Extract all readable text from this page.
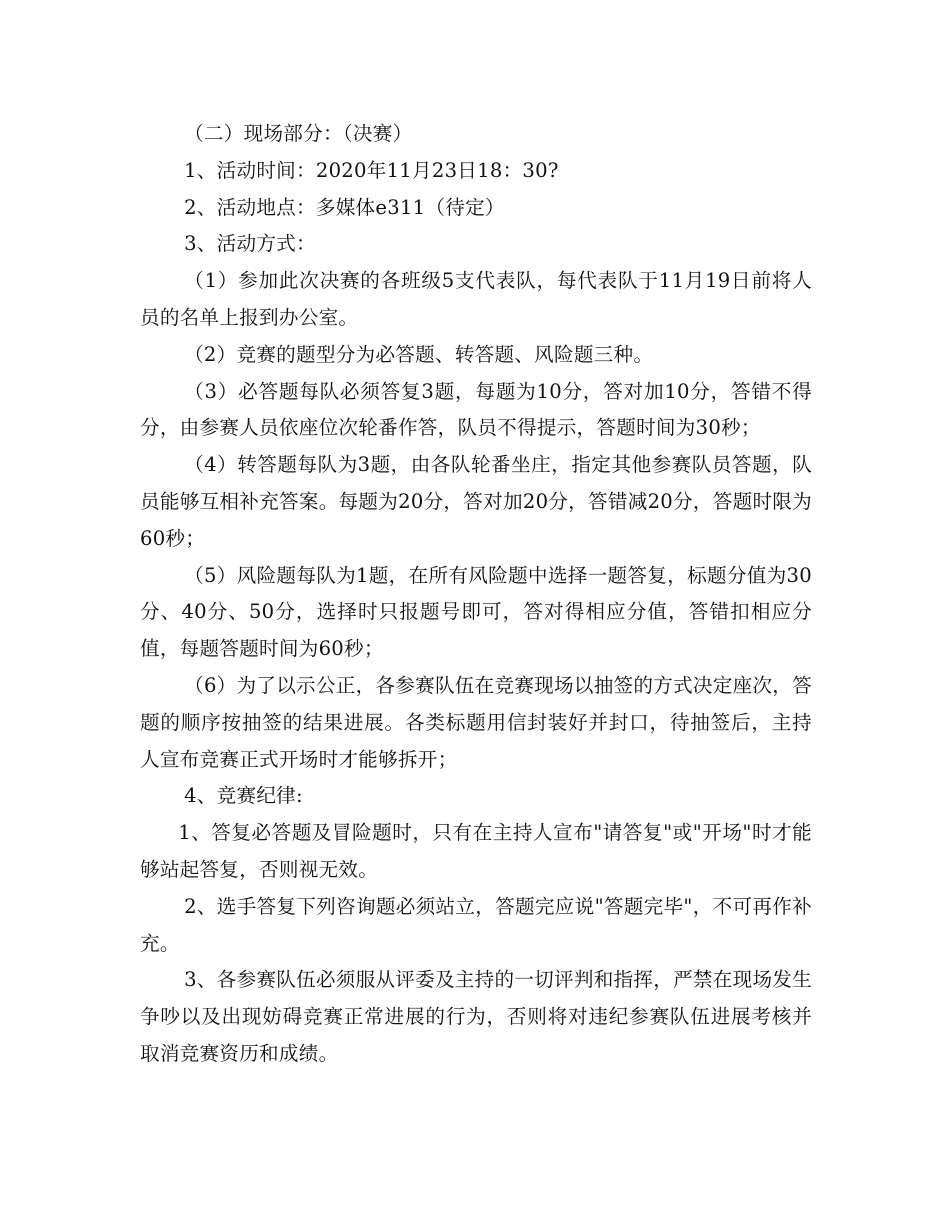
（二）现场部分：（决赛）

1、活动时间：2020年11月23日18：30?

2、活动地点：多媒体e311（待定）

3、活动方式：

（1）参加此次决赛的各班级5支代表队，每代表队于11月19日前将人员的名单上报到办公室。

（2）竞赛的题型分为必答题、转答题、风险题三种。

（3）必答题每队必须答复3题，每题为10分，答对加10分，答错不得分，由参赛人员依座位次轮番作答，队员不得提示，答题时间为30秒；

（4）转答题每队为3题，由各队轮番坐庄，指定其他参赛队员答题，队员能够互相补充答案。每题为20分，答对加20分，答错减20分，答题时限为60秒；

（5）风险题每队为1题，在所有风险题中选择一题答复，标题分值为30分、40分、50分，选择时只报题号即可，答对得相应分值，答错扣相应分值，每题答题时间为60秒；

（6）为了以示公正，各参赛队伍在竞赛现场以抽签的方式决定座次，答题的顺序按抽签的结果进展。各类标题用信封装好并封口，待抽签后，主持人宣布竞赛正式开场时才能够拆开；

4、竞赛纪律:

1、答复必答题及冒险题时，只有在主持人宣布"请答复"或"开场"时才能够站起答复，否则视无效。

2、选手答复下列咨询题必须站立，答题完应说"答题完毕"，不可再作补充。

3、各参赛队伍必须服从评委及主持的一切评判和指挥，严禁在现场发生争吵以及出现妨碍竞赛正常进展的行为，否则将对违纪参赛队伍进展考核并取消竞赛资历和成绩。
